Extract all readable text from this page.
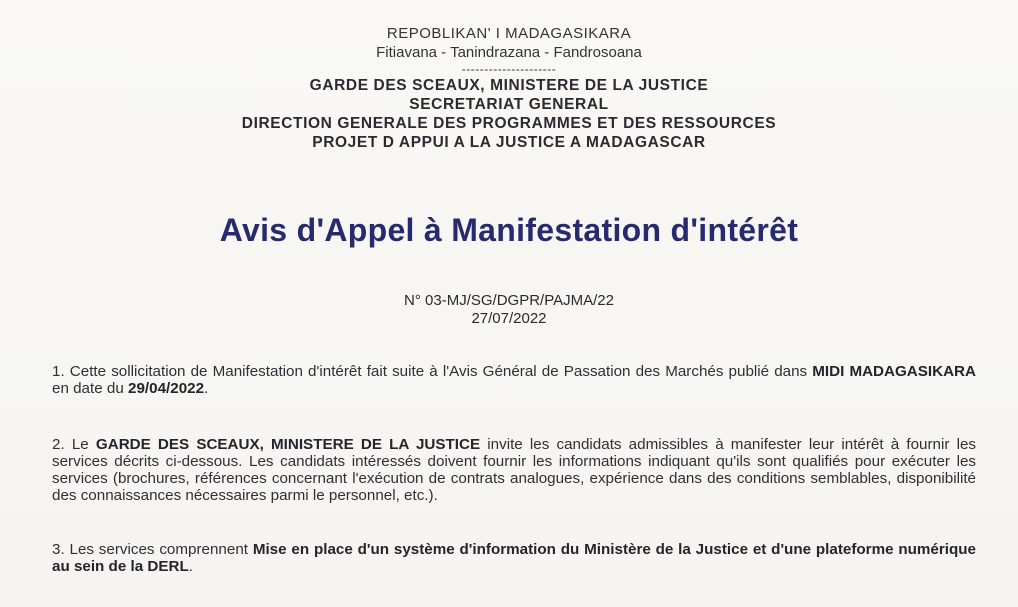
REPOBLIKAN' I MADAGASIKARA
Fitiavana - Tanindrazana - Fandrosoana
---------------------
GARDE DES SCEAUX, MINISTERE DE LA JUSTICE
SECRETARIAT GENERAL
DIRECTION GENERALE DES PROGRAMMES ET DES RESSOURCES
PROJET D APPUI A LA JUSTICE A MADAGASCAR
Avis d'Appel à Manifestation d'intérêt
N° 03-MJ/SG/DGPR/PAJMA/22
27/07/2022
1. Cette sollicitation de Manifestation d'intérêt fait suite à l'Avis Général de Passation des Marchés publié dans MIDI MADAGASIKARA en date du 29/04/2022.
2. Le GARDE DES SCEAUX, MINISTERE DE LA JUSTICE invite les candidats admissibles à manifester leur intérêt à fournir les services décrits ci-dessous. Les candidats intéressés doivent fournir les informations indiquant qu'ils sont qualifiés pour exécuter les services (brochures, références concernant l'exécution de contrats analogues, expérience dans des conditions semblables, disponibilité des connaissances nécessaires parmi le personnel, etc.).
3. Les services comprennent Mise en place d'un système d'information du Ministère de la Justice et d'une plateforme numérique au sein de la DERL.
